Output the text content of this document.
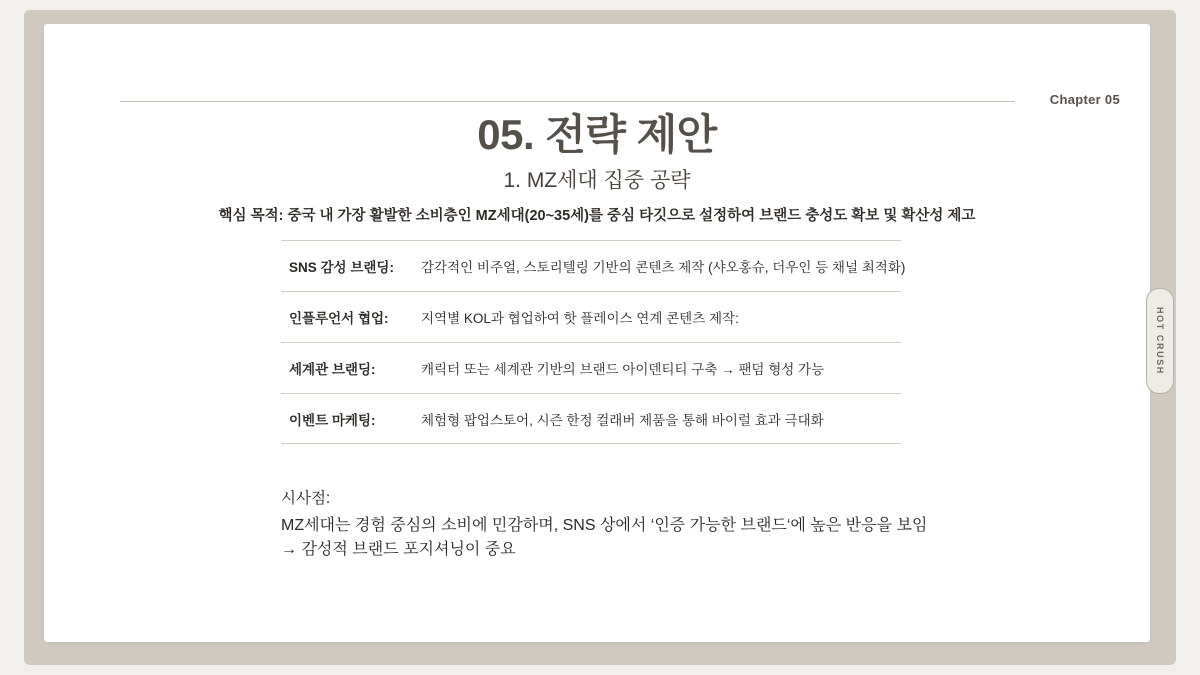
Chapter 05
05. 전략 제안
1. MZ세대 집중 공략
핵심 목적: 중국 내 가장 활발한 소비층인 MZ세대(20~35세)를 중심 타깃으로 설정하여 브랜드 충성도 확보 및 확산성 제고
SNS 감성 브랜딩:	감각적인 비주얼, 스토리텔링 기반의 콘텐츠 제작 (샤오홍슈, 더우인 등 채널 최적화)
인플루언서 협업:	지역별 KOL과 협업하여 핫 플레이스 연계 콘텐츠 제작:
세계관 브랜딩:	캐릭터 또는 세계관 기반의 브랜드 아이덴티티 구축 → 팬덤 형성 가능
이벤트 마케팅:	체험형 팝업스토어, 시즌 한정 컬래버 제품을 통해 바이럴 효과 극대화
시사점:
MZ세대는 경험 중심의 소비에 민감하며, SNS 상에서 ‘인증 가능한 브랜드‘에 높은 반응을 보임
→ 감성적 브랜드 포지셔닝이 중요
HOT CRUSH
